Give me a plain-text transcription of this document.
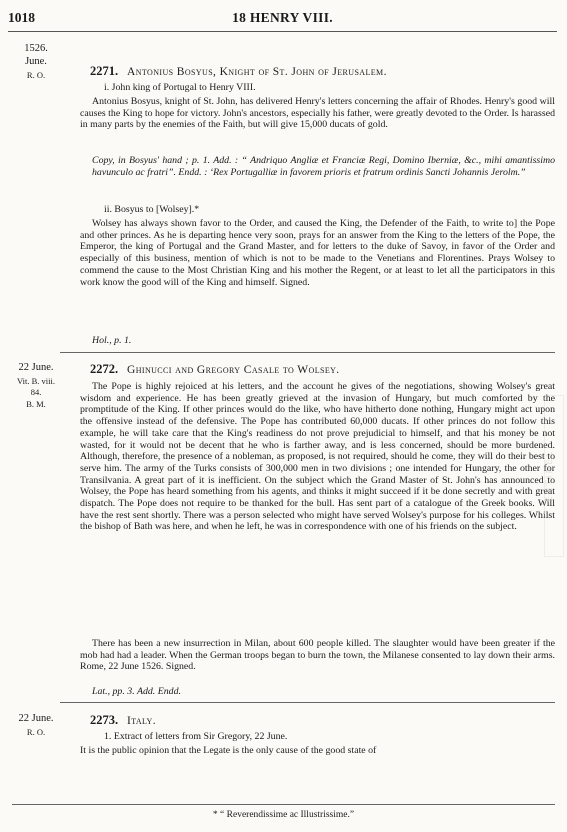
1018	18 HENRY VIII.
1526.
June.
R. O.	2271. Antonius Bosyus, Knight of St. John of Jerusalem.
i. John king of Portugal to Henry VIII.
Antonius Bosyus, knight of St. John, has delivered Henry's letters concerning the affair of Rhodes. Henry's good will causes the King to hope for victory. John's ancestors, especially his father, were greatly devoted to the Order. Is harassed in many parts by the enemies of the Faith, but will give 15,000 ducats of gold.
Copy, in Bosyus' hand ; p. 1. Add. : “ Andriquo Angliæ et Franciæ Regi, Domino Iberniæ, &c., mihi amantissimo havunculo ac fratri”. Endd. : ‘Rex Portugalliæ in favorem prioris et fratrum ordinis Sancti Johannis Jerolm.”
ii. Bosyus to [Wolsey].*
Wolsey has always shown favor to the Order, and caused the King, the Defender of the Faith, to write to] the Pope and other princes. As he is departing hence very soon, prays for an answer from the King to the letters of the Pope, the Emperor, the king of Portugal and the Grand Master, and for letters to the duke of Savoy, in favor of the Order and especially of this business, mention of which is not to be made to the Venetians and Florentines. Prays Wolsey to commend the cause to the Most Christian King and his mother the Regent, or at least to let all the participators in this work know the good will of the King and himself. Signed.
Hol., p. 1.
22 June.
Vit. B. viii.
84.
B. M.
2272. Ghinucci and Gregory Casale to Wolsey.
The Pope is highly rejoiced at his letters, and the account he gives of the negotiations, showing Wolsey's great wisdom and experience. He has been greatly grieved at the invasion of Hungary, but much comforted by the promptitude of the King. If other princes would do the like, who have hitherto done nothing, Hungary might act upon the offensive instead of the defensive. The Pope has contributed 60,000 ducats. If other princes do not follow this example, he will take care that the King's readiness do not prove prejudicial to himself, and that his money be not wasted, for it would not be decent that he who is farther away, and is less concerned, should be more burdened. Although, therefore, the presence of a nobleman, as proposed, is not required, should he come, they will do their best to serve him. The army of the Turks consists of 300,000 men in two divisions ; one intended for Hungary, the other for Transilvania. A great part of it is inefficient. On the subject which the Grand Master of St. John's has announced to Wolsey, the Pope has heard something from his agents, and thinks it might succeed if it be done secretly and with great dispatch. The Pope does not require to be thanked for the bull. Has sent part of a catalogue of the Greek books. Will have the rest sent shortly. There was a person selected who might have served Wolsey's purpose for his colleges. Whilst the bishop of Bath was here, and when he left, he was in correspondence with one of his friends on the subject.
There has been a new insurrection in Milan, about 600 people killed. The slaughter would have been greater if the mob had had a leader. When the German troops began to burn the town, the Milanese consented to lay down their arms. Rome, 22 June 1526. Signed.
Lat., pp. 3. Add. Endd.
22 June.
R. O.
2273. Italy.
1. Extract of letters from Sir Gregory, 22 June.
It is the public opinion that the Legate is the only cause of the good state of
* “ Reverendissime ac Illustrissime.”
ENTINEL
